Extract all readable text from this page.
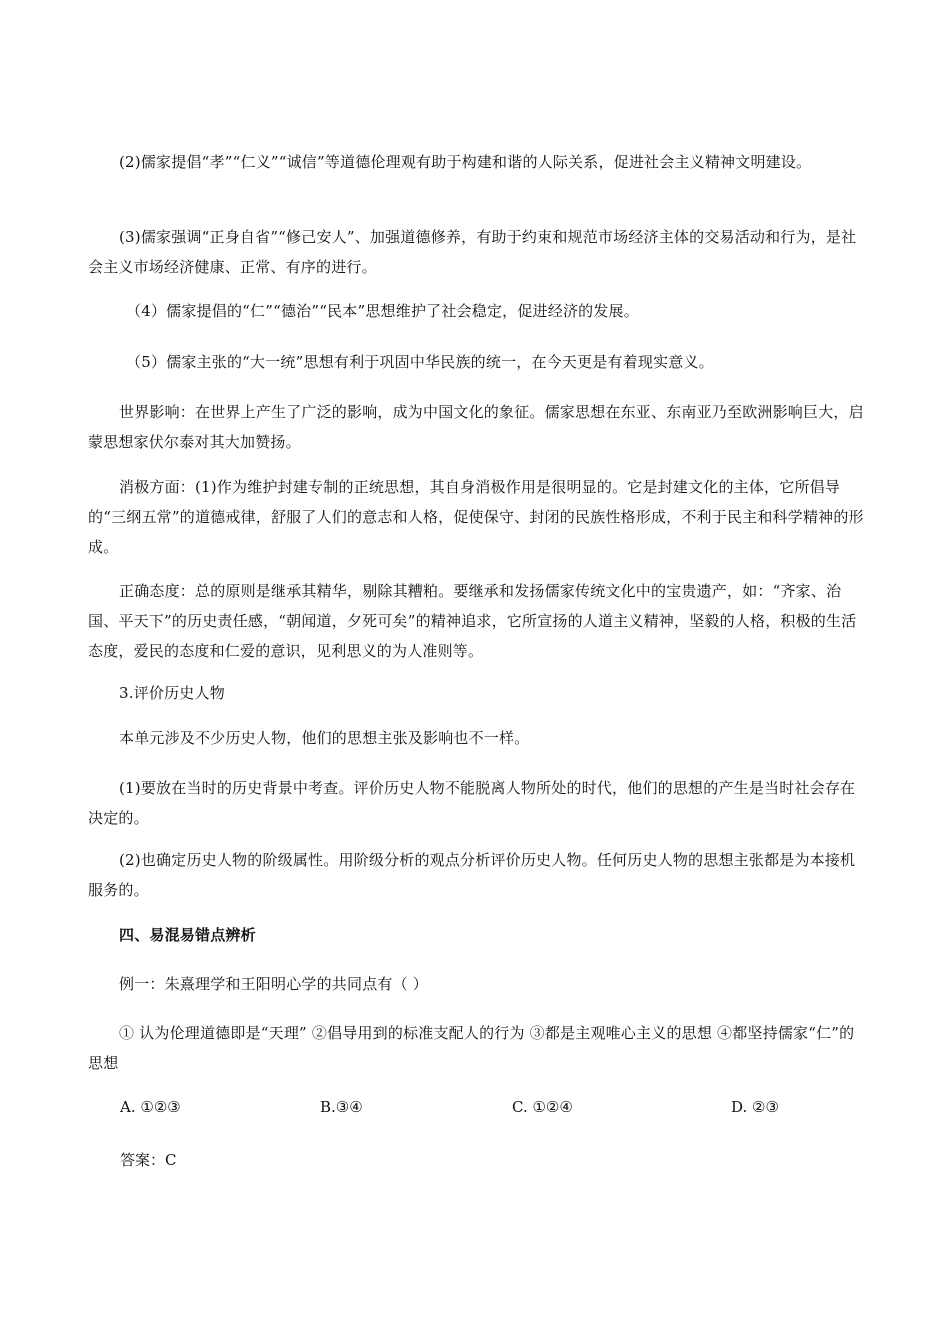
(2)儒家提倡“孝”“仁义”“诚信”等道德伦理观有助于构建和谐的人际关系，促进社会主义精神文明建设。
(3)儒家强调“正身自省”“修己安人”、加强道德修养，有助于约束和规范市场经济主体的交易活动和行为，是社会主义市场经济健康、正常、有序的进行。
（4）儒家提倡的“仁”“德治”“民本”思想维护了社会稳定，促进经济的发展。
（5）儒家主张的“大一统”思想有利于巩固中华民族的统一，在今天更是有着现实意义。
世界影响：在世界上产生了广泛的影响，成为中国文化的象征。儒家思想在东亚、东南亚乃至欧洲影响巨大，启蒙思想家伏尔泰对其大加赞扬。
消极方面：(1)作为维护封建专制的正统思想，其自身消极作用是很明显的。它是封建文化的主体，它所倡导的“三纲五常”的道德戒律，舒服了人们的意志和人格，促使保守、封闭的民族性格形成，不利于民主和科学精神的形成。
正确态度：总的原则是继承其精华，剔除其糟粕。要继承和发扬儒家传统文化中的宝贵遗产，如：“齐家、治国、平天下”的历史责任感，“朝闻道，夕死可矣”的精神追求，它所宣扬的人道主义精神，坚毅的人格，积极的生活态度，爱民的态度和仁爱的意识，见利思义的为人准则等。
3.评价历史人物
本单元涉及不少历史人物，他们的思想主张及影响也不一样。
(1)要放在当时的历史背景中考查。评价历史人物不能脱离人物所处的时代，他们的思想的产生是当时社会存在决定的。
(2)也确定历史人物的阶级属性。用阶级分析的观点分析评价历史人物。任何历史人物的思想主张都是为本接机服务的。
四、易混易错点辨析
例一：朱熹理学和王阳明心学的共同点有（ ）
① 认为伦理道德即是“天理” ②倡导用到的标准支配人的行为 ③都是主观唯心主义的思想 ④都坚持儒家“仁”的思想
A. ①②③	B.③④	C. ①②④	D. ②③
答案：C
